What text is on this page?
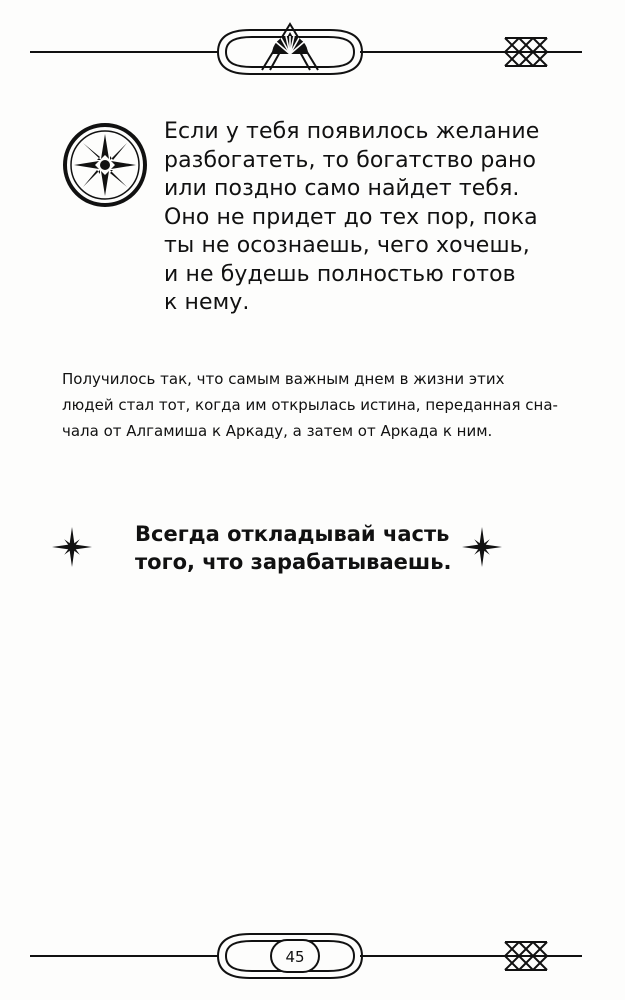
Если у тебя появилось желание
разбогатеть, то богатство рано
или поздно само найдет тебя.
Оно не придет до тех пор, пока
ты не осознаешь, чего хочешь,
и не будешь полностью готов
к нему.
Получилось так, что самым важным днем в жизни этих
людей стал тот, когда им открылась истина, переданная сна-
чала от Алгамиша к Аркаду, а затем от Аркада к ним.
Всегда откладывай часть
того, что зарабатываешь.
45
